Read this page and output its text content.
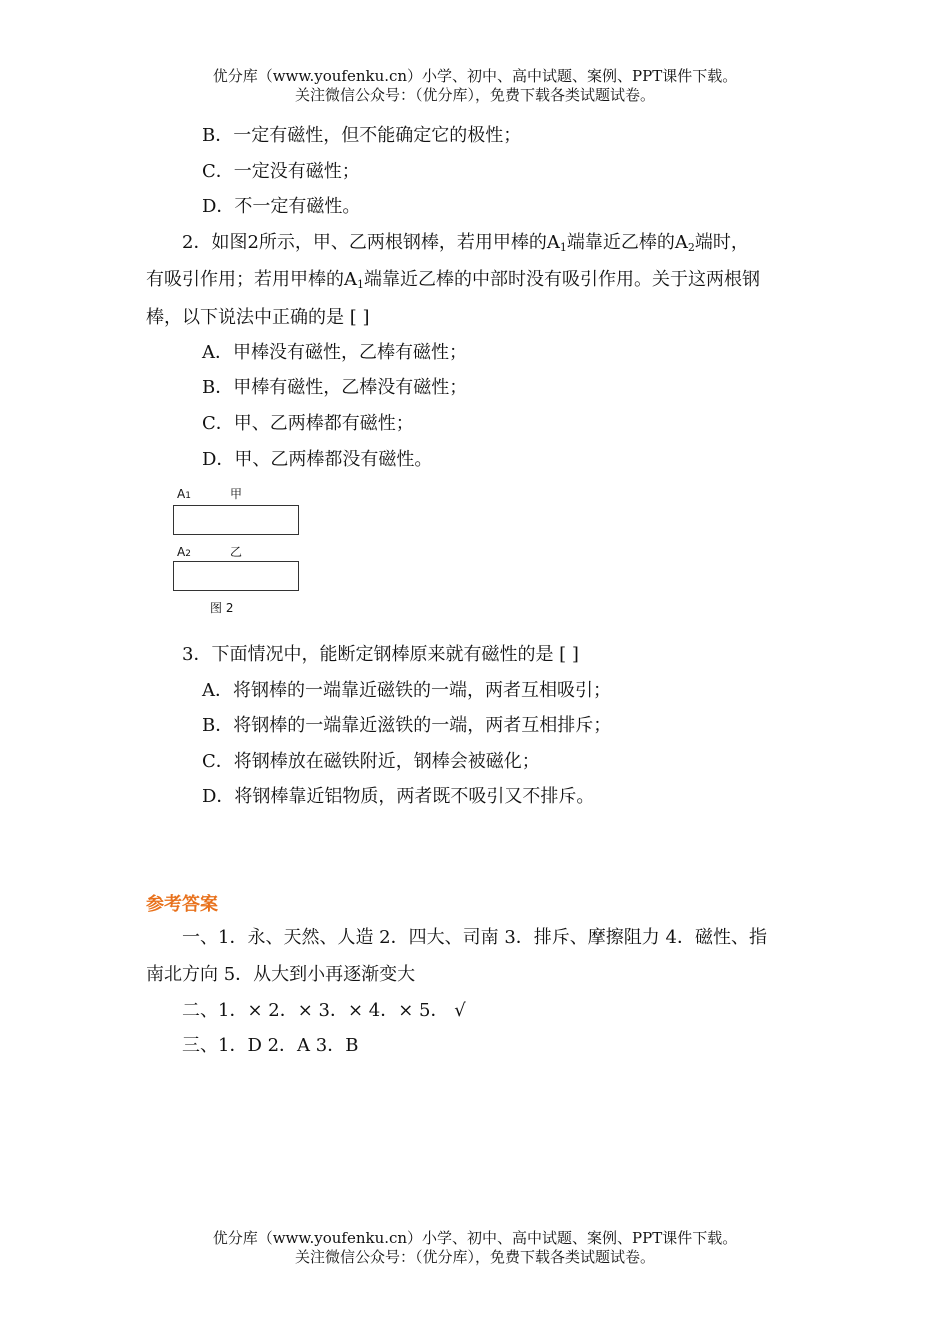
优分库（www.youfenku.cn）小学、初中、高中试题、案例、PPT课件下载。
关注微信公众号：（优分库），免费下载各类试题试卷。
B．一定有磁性，但不能确定它的极性；
C．一定没有磁性；
D．不一定有磁性。
2．如图2所示，甲、乙两根钢棒，若用甲棒的$A_1$端靠近乙棒的$A_2$端时，
有吸引作用；若用甲棒的$A_1$端靠近乙棒的中部时没有吸引作用。关于这两根钢
棒，以下说法中正确的是 [ ]
A．甲棒没有磁性，乙棒有磁性；
B．甲棒有磁性，乙棒没有磁性；
C．甲、乙两棒都有磁性；
D．甲、乙两棒都没有磁性。
A1	甲
A2	乙
图 2
3．下面情况中，能断定钢棒原来就有磁性的是 [ ]
A．将钢棒的一端靠近磁铁的一端，两者互相吸引；
B．将钢棒的一端靠近滋铁的一端，两者互相排斥；
C．将钢棒放在磁铁附近，钢棒会被磁化；
D．将钢棒靠近铝物质，两者既不吸引又不排斥。
参考答案
一、1．永、天然、人造 2．四大、司南 3．排斥、摩擦阻力 4．磁性、指
南北方向 5．从大到小再逐渐变大
二、1．× 2．× 3．× 4．× 5． √
三、1．D 2．A 3．B
优分库（www.youfenku.cn）小学、初中、高中试题、案例、PPT课件下载。
关注微信公众号：（优分库），免费下载各类试题试卷。
